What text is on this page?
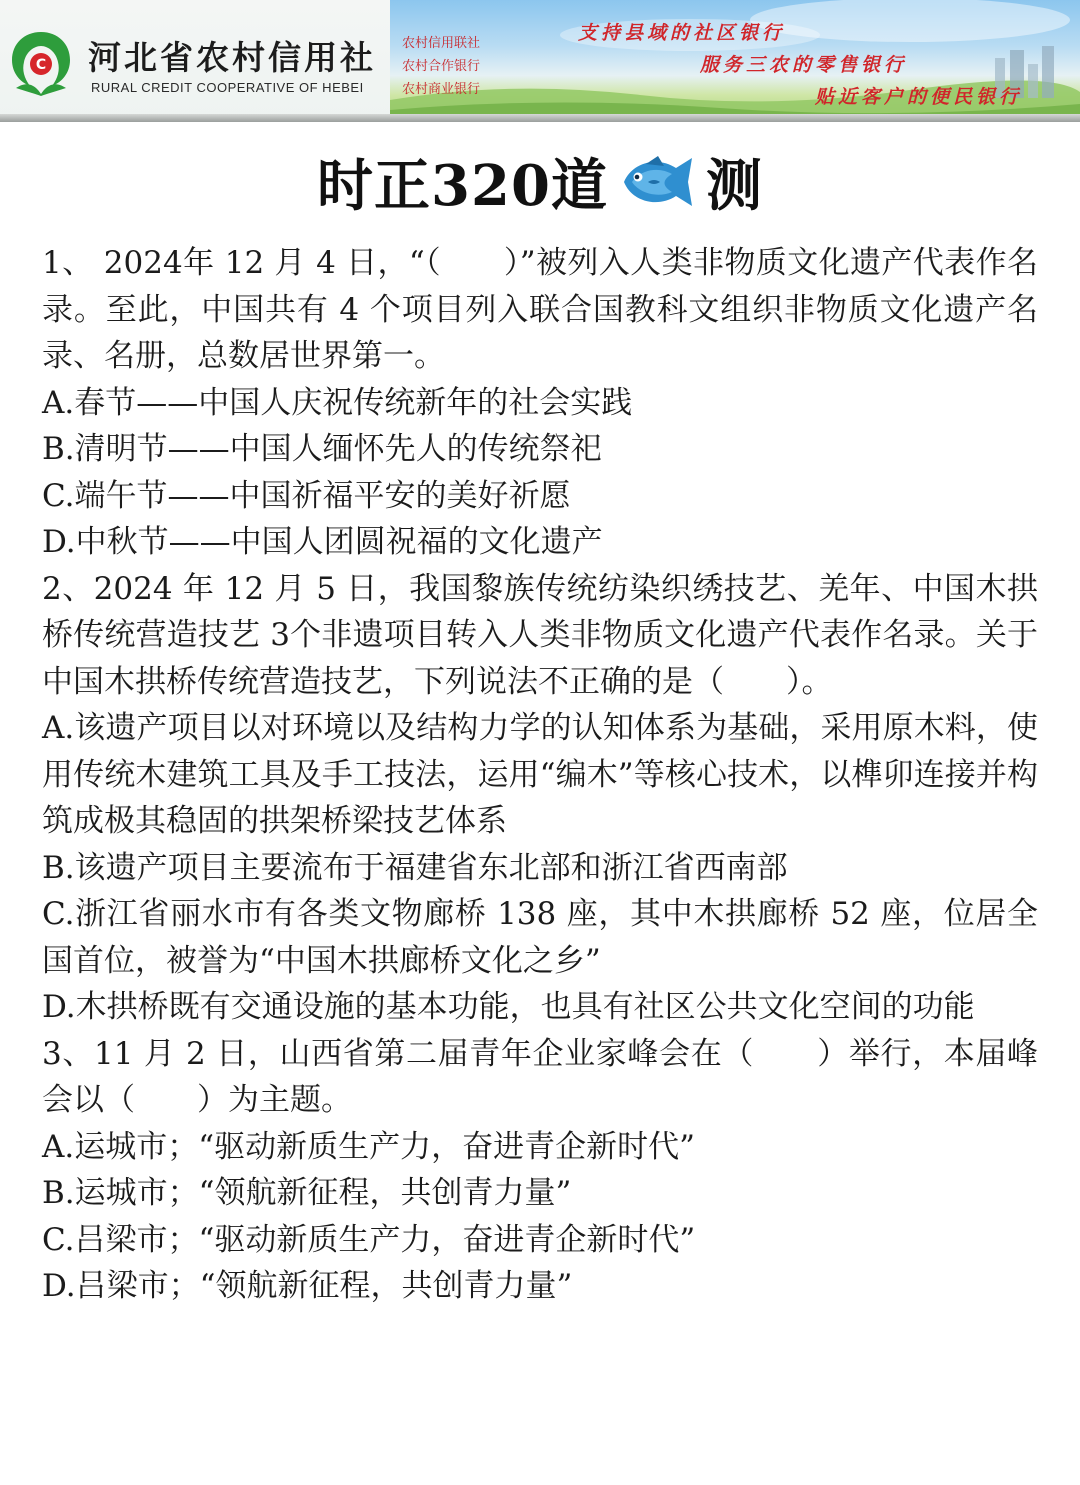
C 河北省农村信用社
RURAL CREDIT COOPERATIVE OF HEBEI
农村信用联社
农村合作银行
农村商业银行
支持县域的社区银行
服务三农的零售银行
贴近客户的便民银行
时正320道 测

1、 2024年 12 月 4 日，“（　　）”被列入人类非物质文化遗产代表作名录。至此，中国共有 4 个项目列入联合国教科文组织非物质文化遗产名录、名册，总数居世界第一。

A.春节——中国人庆祝传统新年的社会实践

B.清明节——中国人缅怀先人的传统祭祀

C.端午节——中国祈福平安的美好祈愿

D.中秋节——中国人团圆祝福的文化遗产

2、2024 年 12 月 5 日，我国黎族传统纺染织绣技艺、羌年、中国木拱桥传统营造技艺 3个非遗项目转入人类非物质文化遗产代表作名录。关于中国木拱桥传统营造技艺，下列说法不正确的是（　　）。

A.该遗产项目以对环境以及结构力学的认知体系为基础，采用原木料，使用传统木建筑工具及手工技法，运用“编木”等核心技术，以榫卯连接并构筑成极其稳固的拱架桥梁技艺体系

B.该遗产项目主要流布于福建省东北部和浙江省西南部

C.浙江省丽水市有各类文物廊桥 138 座，其中木拱廊桥 52 座，位居全国首位，被誉为“中国木拱廊桥文化之乡”

D.木拱桥既有交通设施的基本功能，也具有社区公共文化空间的功能

3、11 月 2 日，山西省第二届青年企业家峰会在（　　）举行，本届峰会以（　　）为主题。

A.运城市；“驱动新质生产力，奋进青企新时代”

B.运城市；“领航新征程，共创青力量”

C.吕梁市；“驱动新质生产力，奋进青企新时代”

D.吕梁市；“领航新征程，共创青力量”
